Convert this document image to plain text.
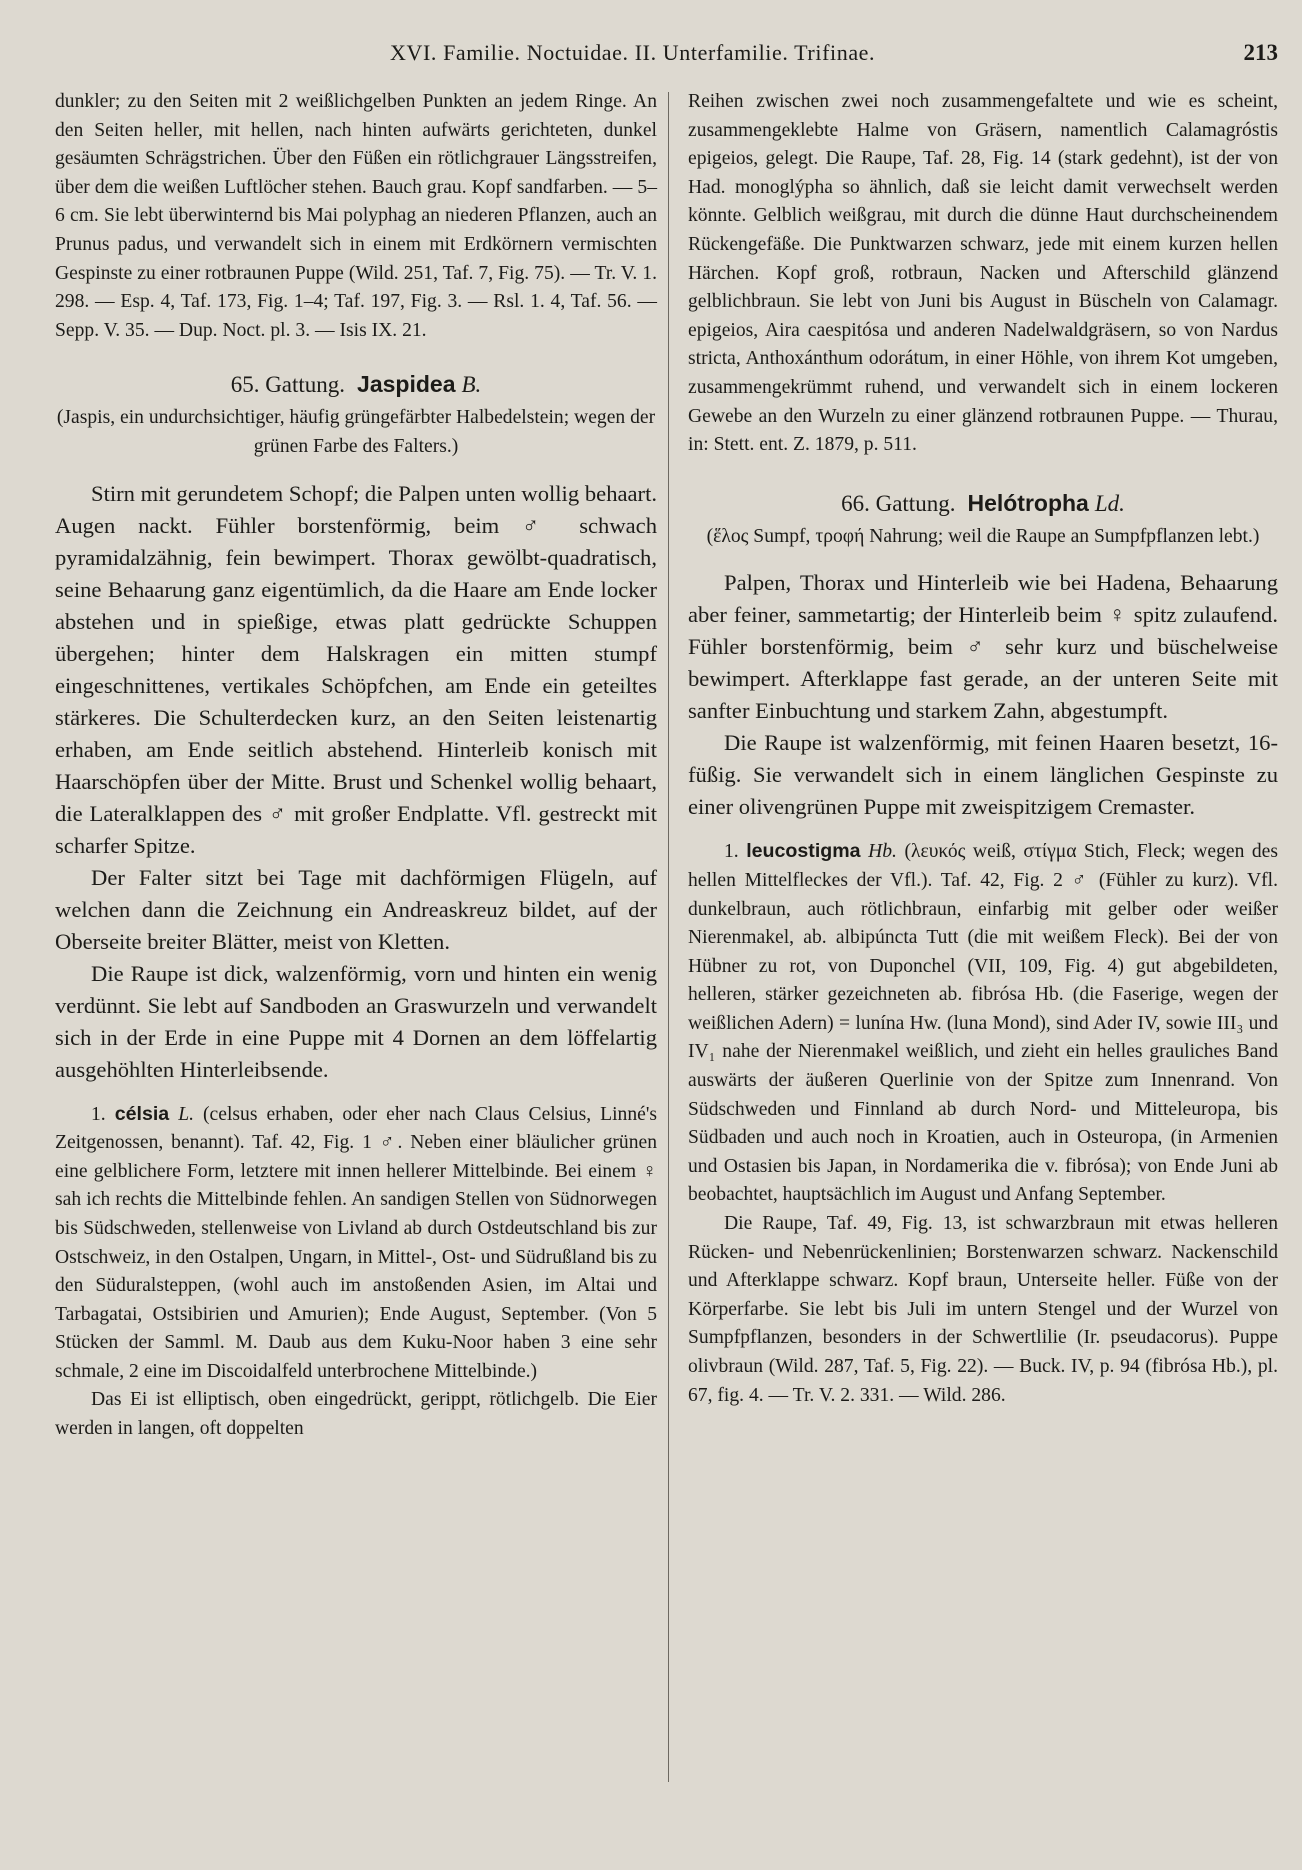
XVI. Familie. Noctuidae. II. Unterfamilie. Trifinae.	213

dunkler; zu den Seiten mit 2 weißlichgelben Punkten an jedem Ringe. An den Seiten heller, mit hellen, nach hinten aufwärts gerichteten, dunkel gesäumten Schrägstrichen. Über den Füßen ein rötlichgrauer Längsstreifen, über dem die weißen Luftlöcher stehen. Bauch grau. Kopf sandfarben. — 5–6 cm. Sie lebt überwinternd bis Mai polyphag an niederen Pflanzen, auch an Prunus padus, und verwandelt sich in einem mit Erdkörnern vermischten Gespinste zu einer rotbraunen Puppe (Wild. 251, Taf. 7, Fig. 75). — Tr. V. 1. 298. — Esp. 4, Taf. 173, Fig. 1–4; Taf. 197, Fig. 3. — Rsl. 1. 4, Taf. 56. — Sepp. V. 35. — Dup. Noct. pl. 3. — Isis IX. 21.

65. Gattung. Jaspidea B.

(Jaspis, ein undurchsichtiger, häufig grüngefärbter Halbedelstein; wegen der grünen Farbe des Falters.)

Stirn mit gerundetem Schopf; die Palpen unten wollig behaart. Augen nackt. Fühler borstenförmig, beim ♂ schwach pyramidalzähnig, fein bewimpert. Thorax gewölbt-quadratisch, seine Behaarung ganz eigentümlich, da die Haare am Ende locker abstehen und in spießige, etwas platt gedrückte Schuppen übergehen; hinter dem Halskragen ein mitten stumpf eingeschnittenes, vertikales Schöpfchen, am Ende ein geteiltes stärkeres. Die Schulterdecken kurz, an den Seiten leistenartig erhaben, am Ende seitlich abstehend. Hinterleib konisch mit Haarschöpfen über der Mitte. Brust und Schenkel wollig behaart, die Lateralklappen des ♂ mit großer Endplatte. Vfl. gestreckt mit scharfer Spitze.

Der Falter sitzt bei Tage mit dachförmigen Flügeln, auf welchen dann die Zeichnung ein Andreaskreuz bildet, auf der Oberseite breiter Blätter, meist von Kletten.

Die Raupe ist dick, walzenförmig, vorn und hinten ein wenig verdünnt. Sie lebt auf Sandboden an Graswurzeln und verwandelt sich in der Erde in eine Puppe mit 4 Dornen an dem löffelartig ausgehöhlten Hinterleibsende.

1. célsia L. (celsus erhaben, oder eher nach Claus Celsius, Linné's Zeitgenossen, benannt). Taf. 42, Fig. 1 ♂. Neben einer bläulicher grünen eine gelblichere Form, letztere mit innen hellerer Mittelbinde. Bei einem ♀ sah ich rechts die Mittelbinde fehlen. An sandigen Stellen von Südnorwegen bis Südschweden, stellenweise von Livland ab durch Ostdeutschland bis zur Ostschweiz, in den Ostalpen, Ungarn, in Mittel-, Ost- und Südrußland bis zu den Süduralsteppen, (wohl auch im anstoßenden Asien, im Altai und Tarbagatai, Ostsibirien und Amurien); Ende August, September. (Von 5 Stücken der Samml. M. Daub aus dem Kuku-Noor haben 3 eine sehr schmale, 2 eine im Discoidalfeld unterbrochene Mittelbinde.)

Das Ei ist elliptisch, oben eingedrückt, gerippt, rötlichgelb. Die Eier werden in langen, oft doppelten

Reihen zwischen zwei noch zusammengefaltete und wie es scheint, zusammengeklebte Halme von Gräsern, namentlich Calamagróstis epigeios, gelegt. Die Raupe, Taf. 28, Fig. 14 (stark gedehnt), ist der von Had. monoglýpha so ähnlich, daß sie leicht damit verwechselt werden könnte. Gelblich weißgrau, mit durch die dünne Haut durchscheinendem Rückengefäße. Die Punktwarzen schwarz, jede mit einem kurzen hellen Härchen. Kopf groß, rotbraun, Nacken und Afterschild glänzend gelblichbraun. Sie lebt von Juni bis August in Büscheln von Calamagr. epigeios, Aira caespitósa und anderen Nadelwaldgräsern, so von Nardus stricta, Anthoxánthum odorátum, in einer Höhle, von ihrem Kot umgeben, zusammengekrümmt ruhend, und verwandelt sich in einem lockeren Gewebe an den Wurzeln zu einer glänzend rotbraunen Puppe. — Thurau, in: Stett. ent. Z. 1879, p. 511.

66. Gattung. Helótropha Ld.

(ἕλος Sumpf, τροφή Nahrung; weil die Raupe an Sumpfpflanzen lebt.)

Palpen, Thorax und Hinterleib wie bei Hadena, Behaarung aber feiner, sammetartig; der Hinterleib beim ♀ spitz zulaufend. Fühler borstenförmig, beim ♂ sehr kurz und büschelweise bewimpert. Afterklappe fast gerade, an der unteren Seite mit sanfter Einbuchtung und starkem Zahn, abgestumpft.

Die Raupe ist walzenförmig, mit feinen Haaren besetzt, 16-füßig. Sie verwandelt sich in einem länglichen Gespinste zu einer olivengrünen Puppe mit zweispitzigem Cremaster.

1. leucostigma Hb. (λευκός weiß, στίγμα Stich, Fleck; wegen des hellen Mittelfleckes der Vfl.). Taf. 42, Fig. 2 ♂ (Fühler zu kurz). Vfl. dunkelbraun, auch rötlichbraun, einfarbig mit gelber oder weißer Nierenmakel, ab. albipúncta Tutt (die mit weißem Fleck). Bei der von Hübner zu rot, von Duponchel (VII, 109, Fig. 4) gut abgebildeten, helleren, stärker gezeichneten ab. fibrósa Hb. (die Faserige, wegen der weißlichen Adern) = lunína Hw. (luna Mond), sind Ader IV, sowie III₃ und IV₁ nahe der Nierenmakel weißlich, und zieht ein helles grauliches Band auswärts der äußeren Querlinie von der Spitze zum Innenrand. Von Südschweden und Finnland ab durch Nord- und Mitteleuropa, bis Südbaden und auch noch in Kroatien, auch in Osteuropa, (in Armenien und Ostasien bis Japan, in Nordamerika die v. fibrósa); von Ende Juni ab beobachtet, hauptsächlich im August und Anfang September.

Die Raupe, Taf. 49, Fig. 13, ist schwarzbraun mit etwas helleren Rücken- und Nebenrückenlinien; Borstenwarzen schwarz. Nackenschild und Afterklappe schwarz. Kopf braun, Unterseite heller. Füße von der Körperfarbe. Sie lebt bis Juli im untern Stengel und der Wurzel von Sumpfpflanzen, besonders in der Schwertlilie (Ir. pseudacorus). Puppe olivbraun (Wild. 287, Taf. 5, Fig. 22). — Buck. IV, p. 94 (fibrósa Hb.), pl. 67, fig. 4. — Tr. V. 2. 331. — Wild. 286.
